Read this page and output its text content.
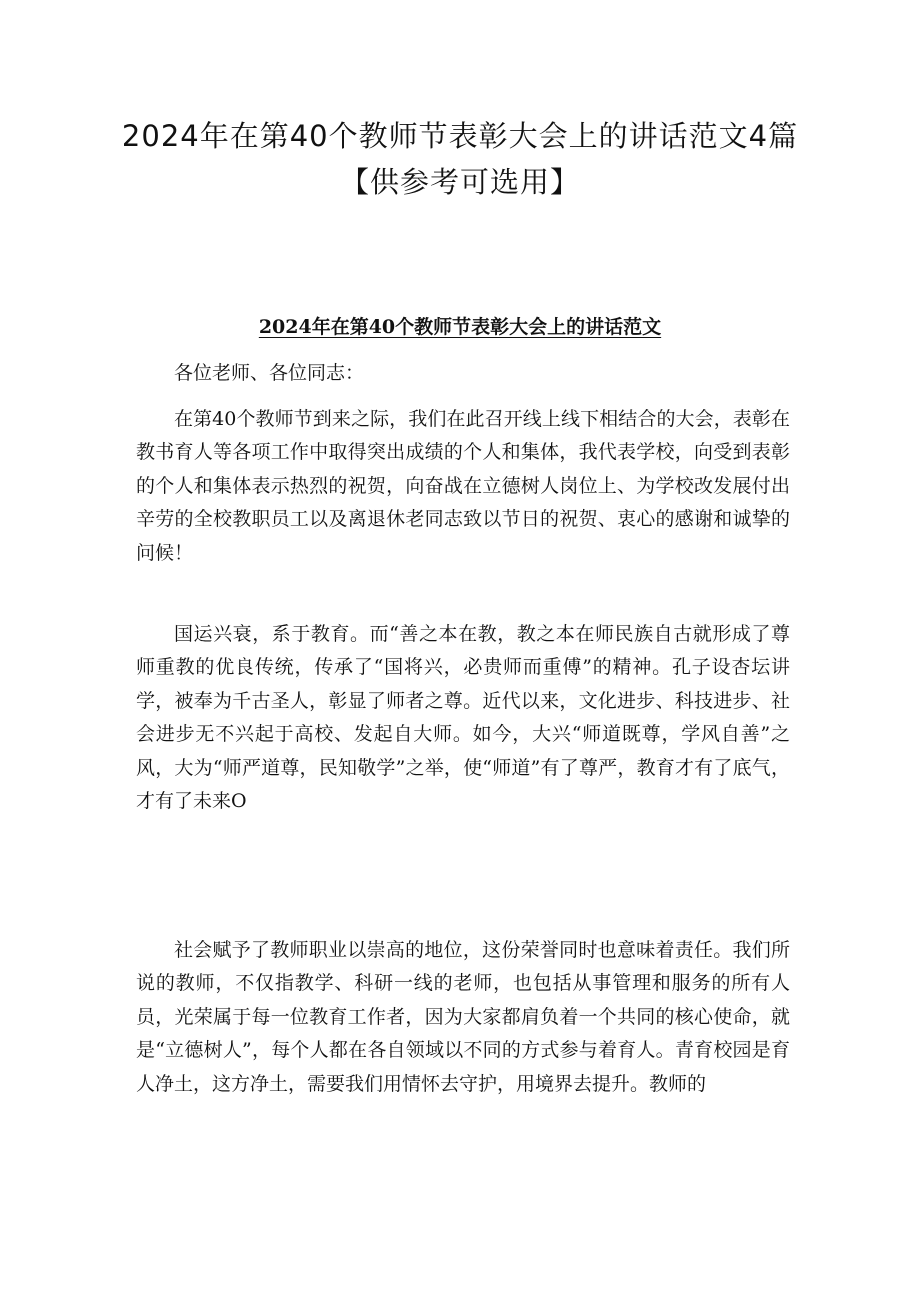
2024年在第40个教师节表彰大会上的讲话范文4篇
【供参考可选用】
2024年在第40个教师节表彰大会上的讲话范文

各位老师、各位同志：

在第40个教师节到来之际，我们在此召开线上线下相结合的大会，表彰在教书育人等各项工作中取得突出成绩的个人和集体，我代表学校，向受到表彰的个人和集体表示热烈的祝贺，向奋战在立德树人岗位上、为学校改发展付出辛劳的全校教职员工以及离退休老同志致以节日的祝贺、衷心的感谢和诚挚的问候！

国运兴衰，系于教育。而“善之本在教，教之本在师民族自古就形成了尊师重教的优良传统，传承了“国将兴，必贵师而重傅”的精神。孔子设杏坛讲学，被奉为千古圣人，彰显了师者之尊。近代以来，文化进步、科技进步、社会进步无不兴起于高校、发起自大师。如今，大兴“师道既尊，学风自善”之风，大为“师严道尊，民知敬学”之举，使“师道”有了尊严，教育才有了底气，才有了未来O

社会赋予了教师职业以崇高的地位，这份荣誉同时也意味着责任。我们所说的教师，不仅指教学、科研一线的老师，也包括从事管理和服务的所有人员，光荣属于每一位教育工作者，因为大家都肩负着一个共同的核心使命，就是“立德树人”，每个人都在各自领域以不同的方式参与着育人。青育校园是育人净土，这方净土，需要我们用情怀去守护，用境界去提升。教师的
